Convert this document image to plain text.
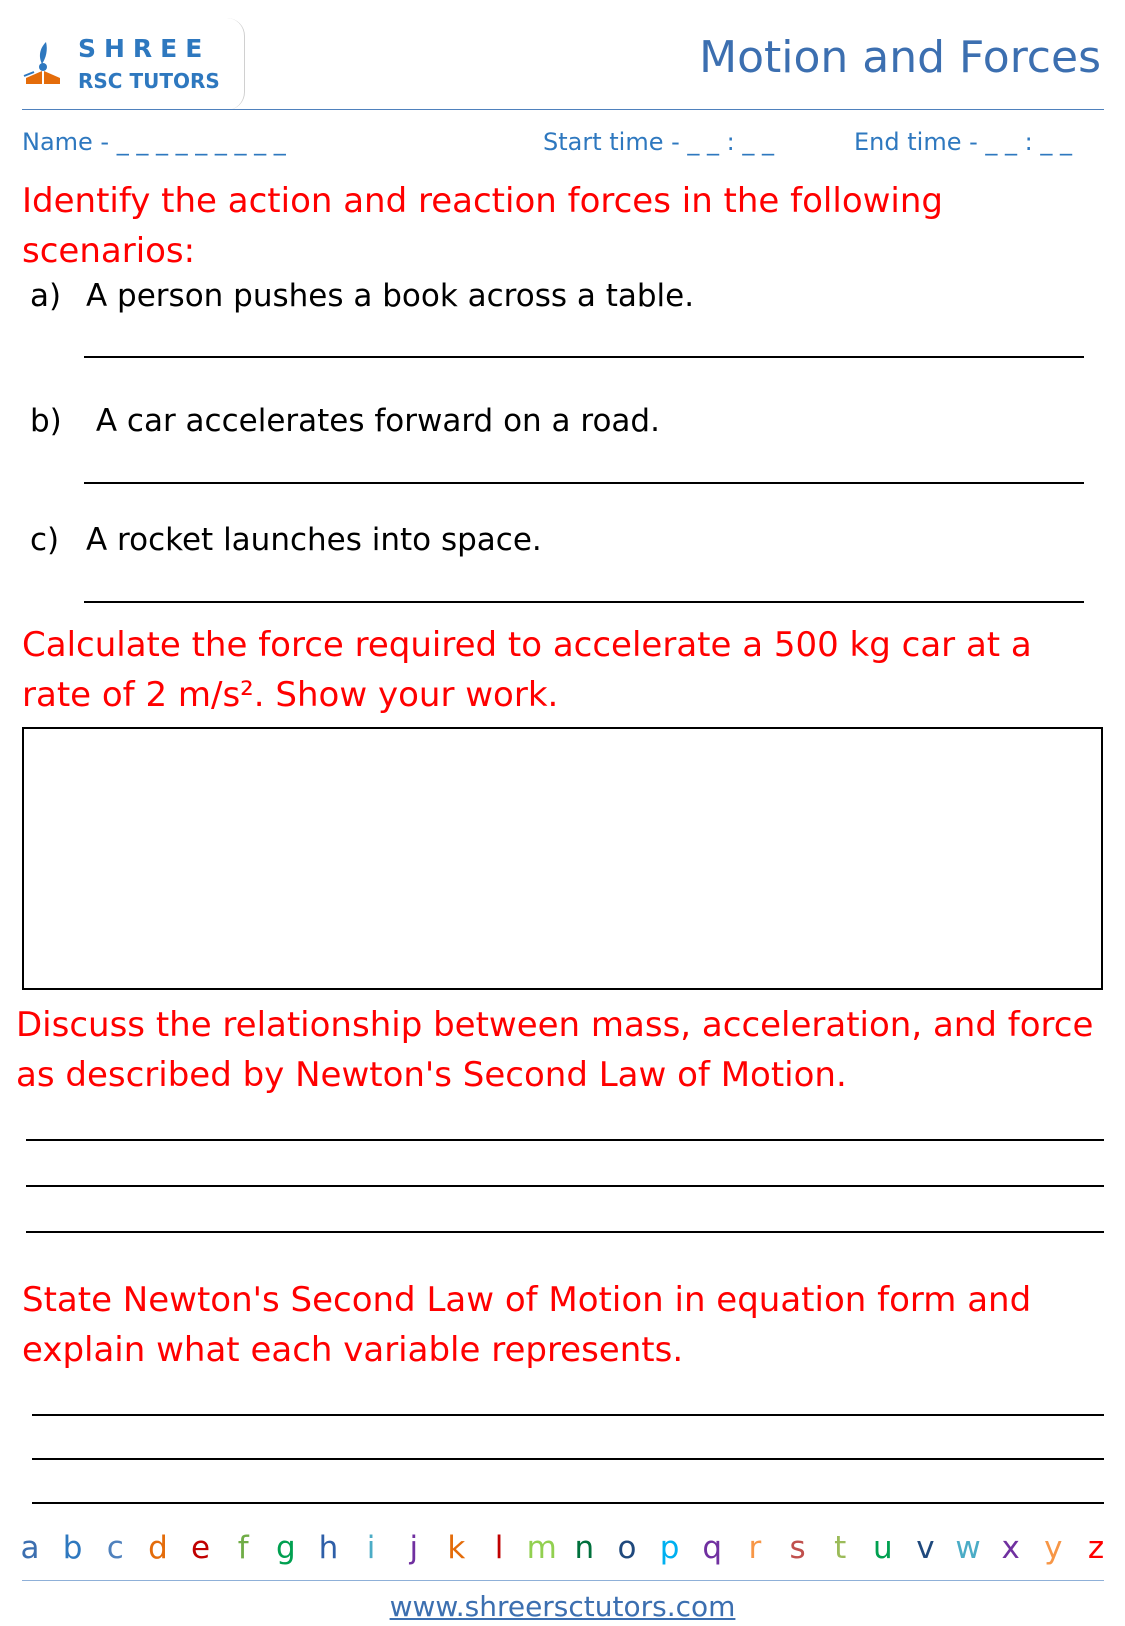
SHREE
RSC TUTORS	Motion and Forces
Name - _ _ _ _ _ _ _ _ _	Start time - _ _ : _ _	End time - _ _ : _ _
Identify the action and reaction forces in the following scenarios:
a) A person pushes a book across a table.
b) A car accelerates forward on a road.
c) A rocket launches into space.
Calculate the force required to accelerate a 500 kg car at a rate of 2 m/s². Show your work.
Discuss the relationship between mass, acceleration, and force as described by Newton's Second Law of Motion.
State Newton's Second Law of Motion in equation form and explain what each variable represents.
a b c d e f g h i j k l m n o p q r s t u v w x y z
www.shreersctutors.com
